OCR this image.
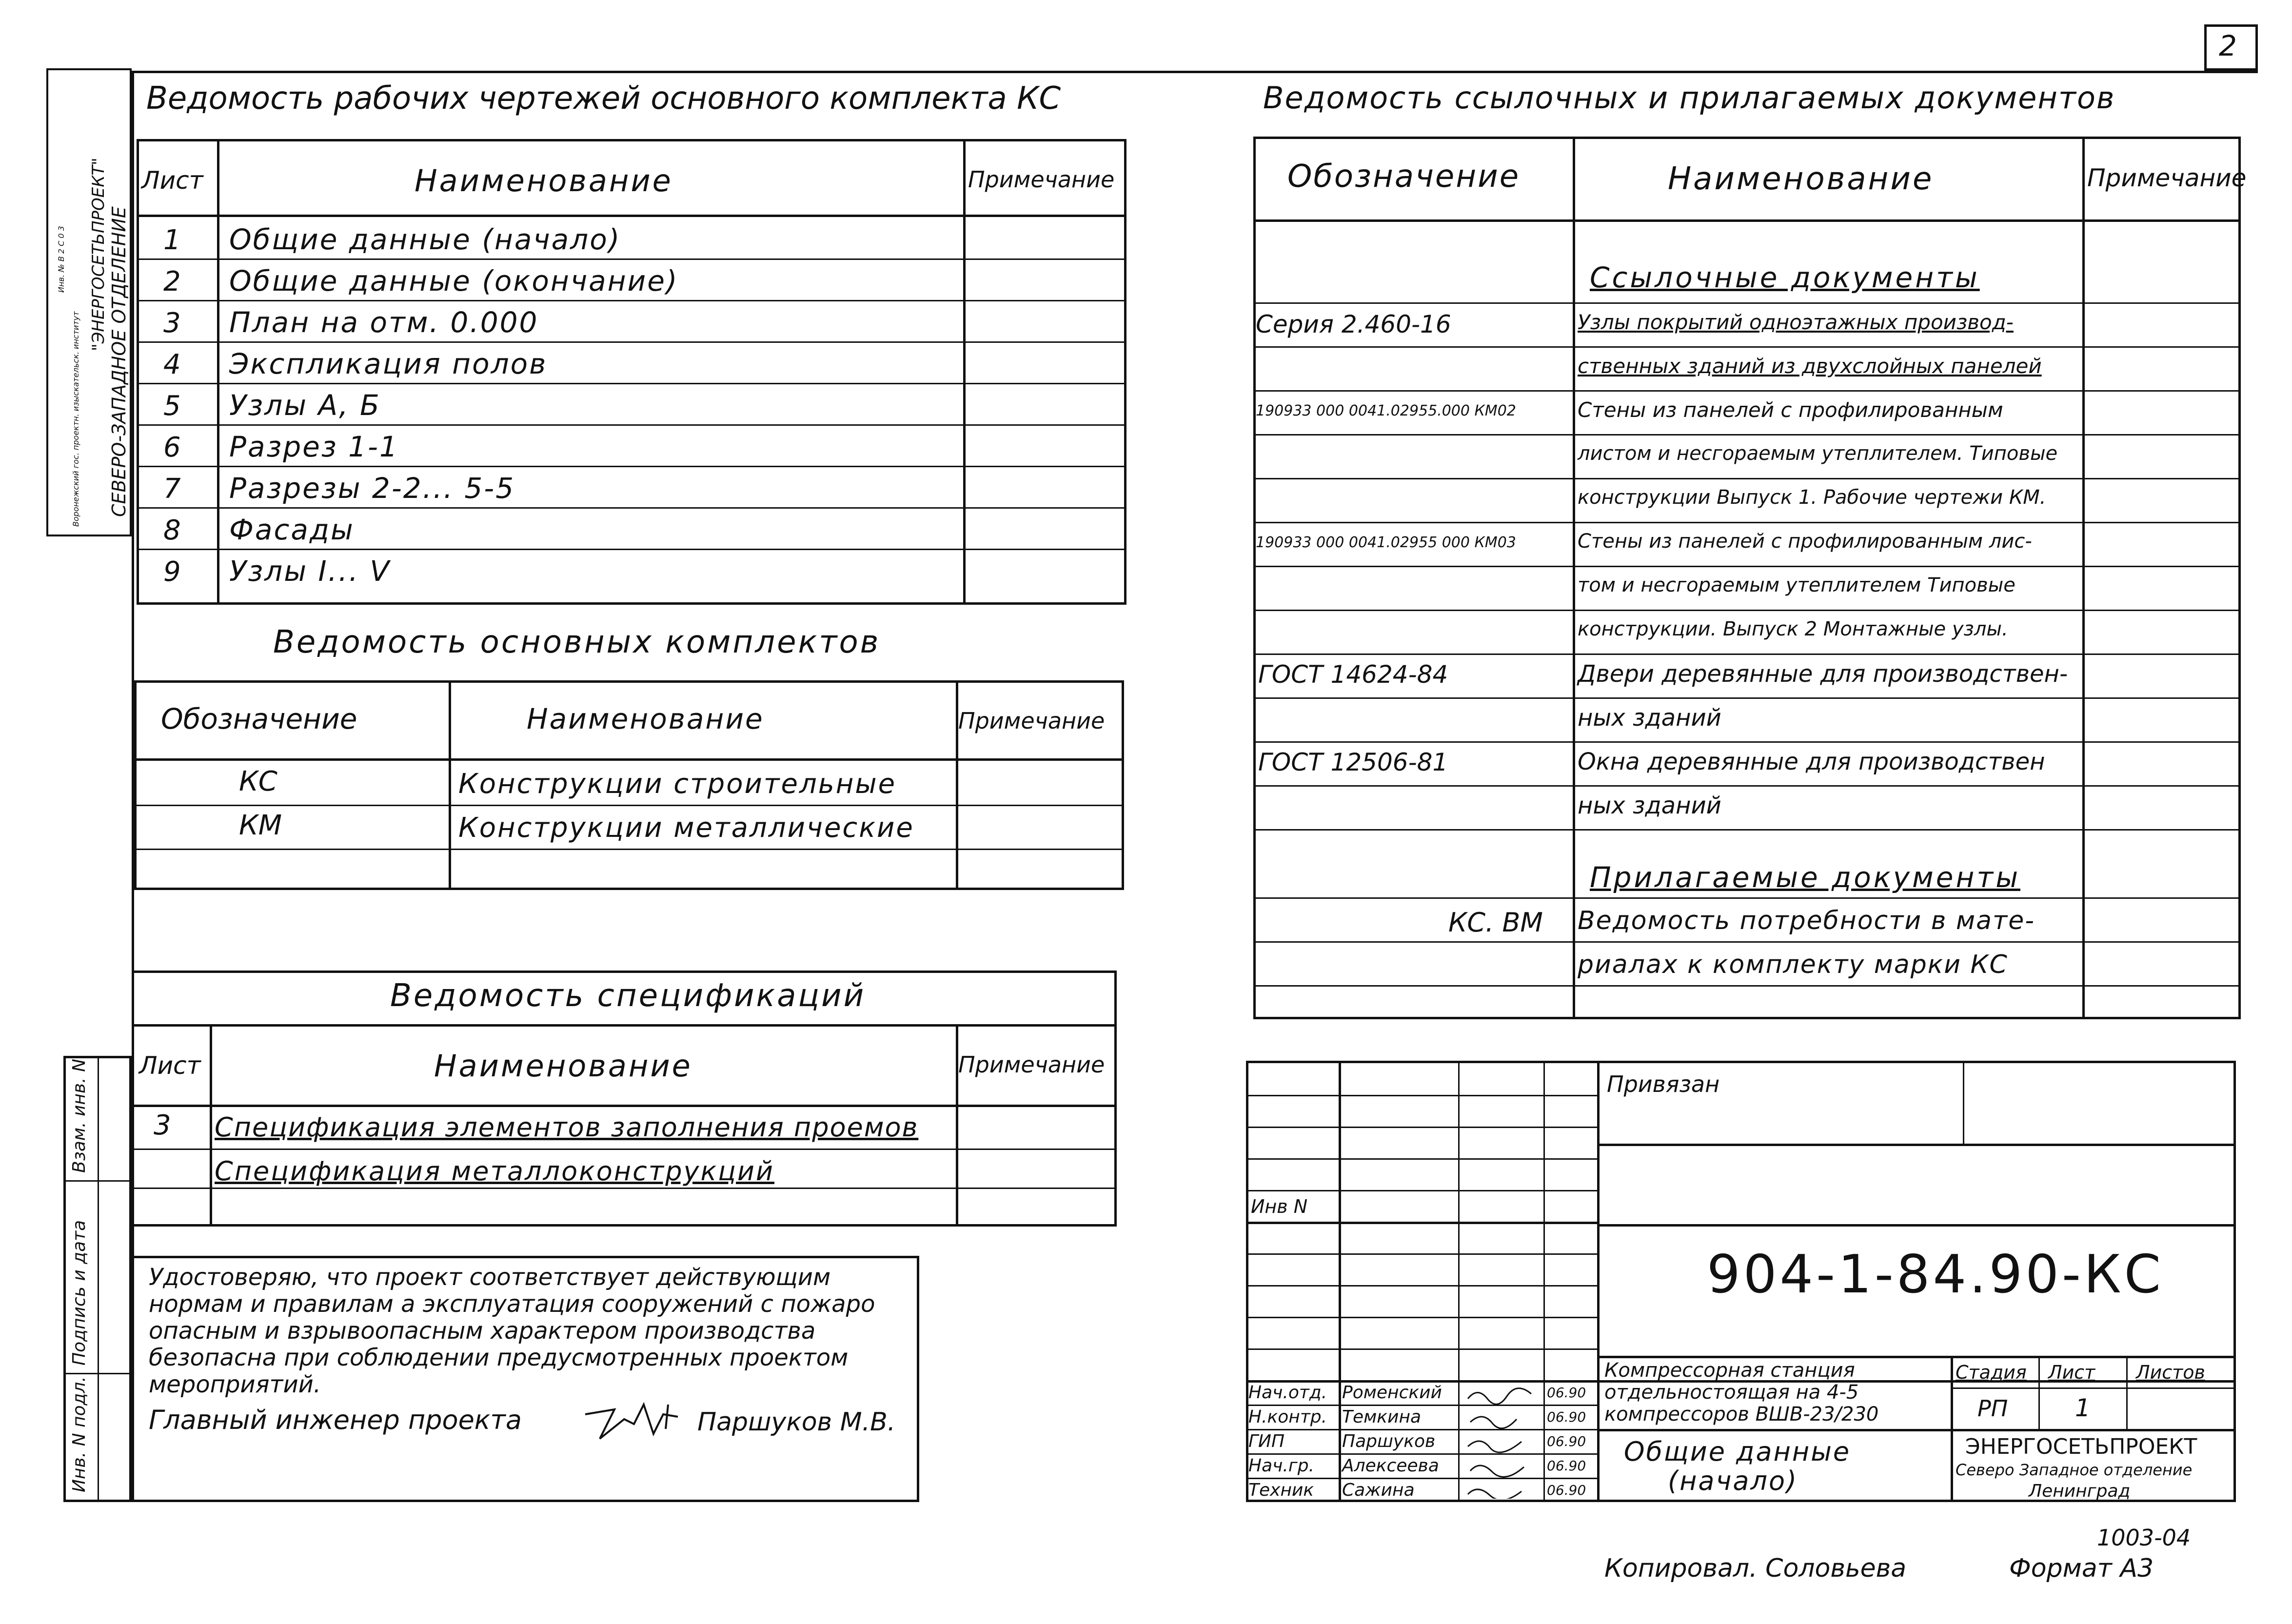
2
Инв. № В 2 С 0 3
Воронежский гос. проектн. изыскательск. институт
"ЭНЕРГОСЕТЬПРОЕКТ" СЕВЕРО-ЗАПАДНОЕ ОТДЕЛЕНИЕ
Взам. инв. N
Подпись и дата
Инв. N подл.
Ведомость рабочих чертежей основного комплекта КС
Лист	Наименование	Примечание
1 Общие данные (начало)
2 Общие данные (окончание)
3 План на отм. 0.000
4 Экспликация полов
5 Узлы А, Б
6 Разрез 1-1
7 Разрезы 2-2... 5-5
8 Фасады
9 Узлы I... V
Ведомость основных комплектов
Обозначение	Наименование	Примечание
КС	Конструкции строительные
КМ	Конструкции металлические
Ведомость спецификаций
Лист	Наименование	Примечание
3 Спецификация элементов заполнения проемов
Спецификация металлоконструкций
Удостоверяю, что проект соответствует действующим
нормам и правилам а эксплуатация сооружений с пожаро
опасным и взрывоопасным характером производства
безопасна при соблюдении предусмотренных проектом
мероприятий.
Главный инженер проекта	Паршуков М.В.
Ведомость ссылочных и прилагаемых документов
Обозначение	Наименование	Примечание
Ссылочные документы
Серия 2.460-16	Узлы покрытий одноэтажных производ-
ственных зданий из двухслойных панелей
190933 000 0041.02955.000 КМ02	Стены из панелей с профилированным
листом и несгораемым утеплителем. Типовые
конструкции Выпуск 1. Рабочие чертежи КМ.
190933 000 0041.02955 000 КМ03	Стены из панелей с профилированным лис-
том и несгораемым утеплителем Типовые
конструкции. Выпуск 2 Монтажные узлы.
ГОСТ 14624-84	Двери деревянные для производствен-
ных зданий
ГОСТ 12506-81	Окна деревянные для производствен
ных зданий
Прилагаемые документы
КС. ВМ Ведомость потребности в мате-
риалах к комплекту марки КС
Привязан
Инв N
904-1-84.90-КС
Компрессорная станция
отдельностоящая на 4-5
компрессоров ВШВ-23/230
Общие данные
(начало)
Стадия Лист Листов
РП	1
ЭНЕРГОСЕТЬПРОЕКТ
Северо Западное отделение
Ленинград
Нач.отд. Роменский	06.90
Н.контр. Темкина	06.90
ГИП	Паршуков	06.90
Нач.гр. Алексеева	06.90
Техник Сажина	06.90
1003-04
Копировал. Соловьева	Формат А3
